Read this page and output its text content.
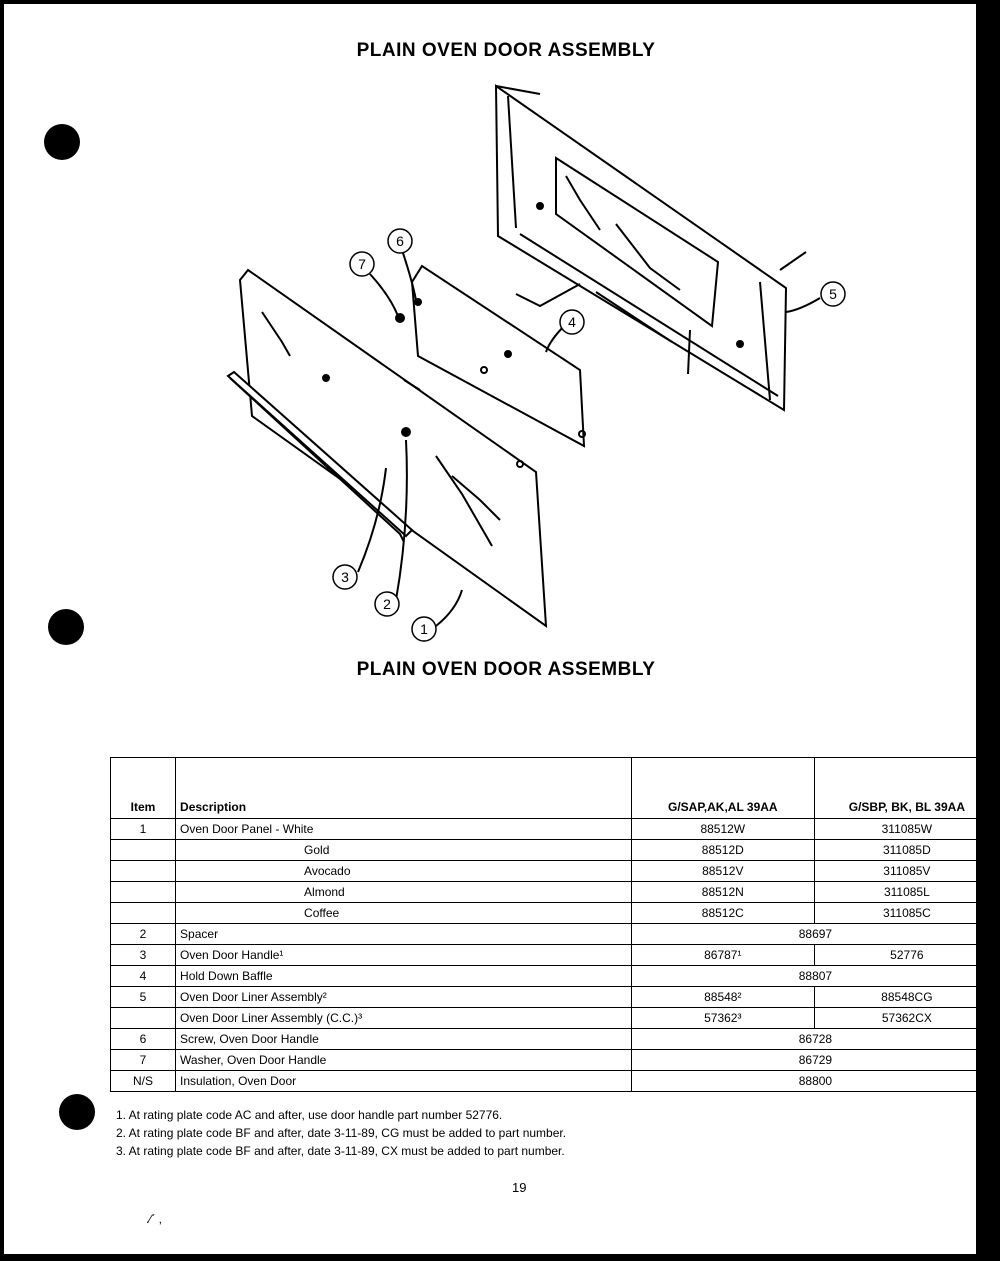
PLAIN OVEN DOOR ASSEMBLY
1
2
3
4
5
6
7
PLAIN OVEN DOOR ASSEMBLY
Item	Description	G/SAP,AK,AL 39AA	G/SBP, BK, BL 39AA
1	Oven Door Panel - White	88512W	311085W
	Gold	88512D	311085D
	Avocado	88512V	311085V
	Almond	88512N	311085L
	Coffee	88512C	311085C
2	Spacer	88697	
3	Oven Door Handle¹	86787¹	52776
4	Hold Down Baffle	88807	
5	Oven Door Liner Assembly²	88548²	88548CG
	Oven Door Liner Assembly (C.C.)³	57362³	57362CX
6	Screw, Oven Door Handle	86728	
7	Washer, Oven Door Handle	86729	
N/S	Insulation, Oven Door	88800	
1. At rating plate code AC and after, use door handle part number 52776.
2. At rating plate code BF and after, date 3-11-89, CG must be added to part number.
3. At rating plate code BF and after, date 3-11-89, CX must be added to part number.
19
.⁄ˊ ,
